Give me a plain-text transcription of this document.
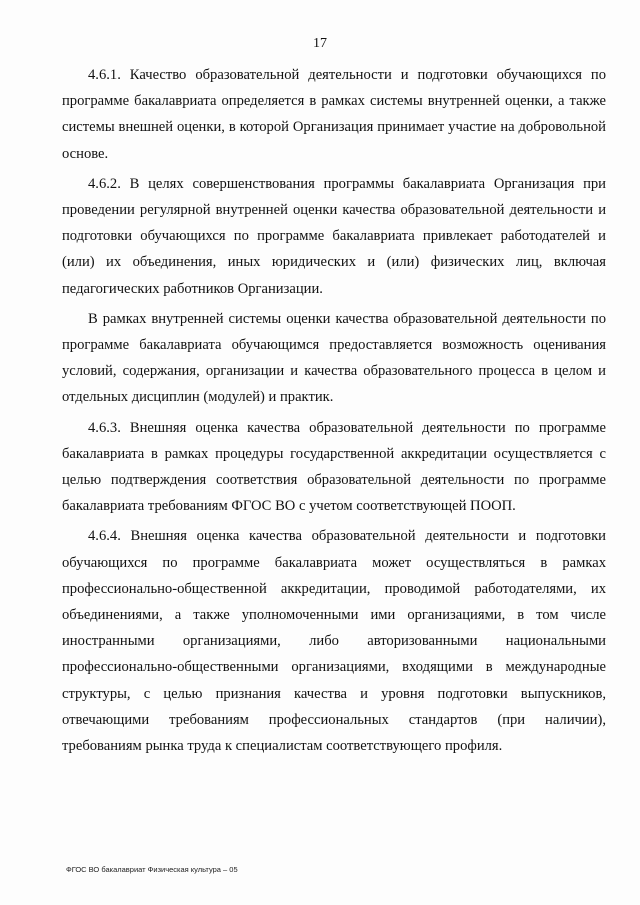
17

4.6.1. Качество образовательной деятельности и подготовки обучающихся по программе бакалавриата определяется в рамках системы внутренней оценки, а также системы внешней оценки, в которой Организация принимает участие на добровольной основе.

4.6.2. В целях совершенствования программы бакалавриата Организация при проведении регулярной внутренней оценки качества образовательной деятельности и подготовки обучающихся по программе бакалавриата привлекает работодателей и (или) их объединения, иных юридических и (или) физических лиц, включая педагогических работников Организации.

В рамках внутренней системы оценки качества образовательной деятельности по программе бакалавриата обучающимся предоставляется возможность оценивания условий, содержания, организации и качества образовательного процесса в целом и отдельных дисциплин (модулей) и практик.

4.6.3. Внешняя оценка качества образовательной деятельности по программе бакалавриата в рамках процедуры государственной аккредитации осуществляется с целью подтверждения соответствия образовательной деятельности по программе бакалавриата требованиям ФГОС ВО с учетом соответствующей ПООП.

4.6.4. Внешняя оценка качества образовательной деятельности и подготовки обучающихся по программе бакалавриата может осуществляться в рамках профессионально-общественной аккредитации, проводимой работодателями, их объединениями, а также уполномоченными ими организациями, в том числе иностранными организациями, либо авторизованными национальными профессионально-общественными организациями, входящими в международные структуры, с целью признания качества и уровня подготовки выпускников, отвечающими требованиям профессиональных стандартов (при наличии), требованиям рынка труда к специалистам соответствующего профиля.

ФГОС ВО бакалавриат Физическая культура – 05
